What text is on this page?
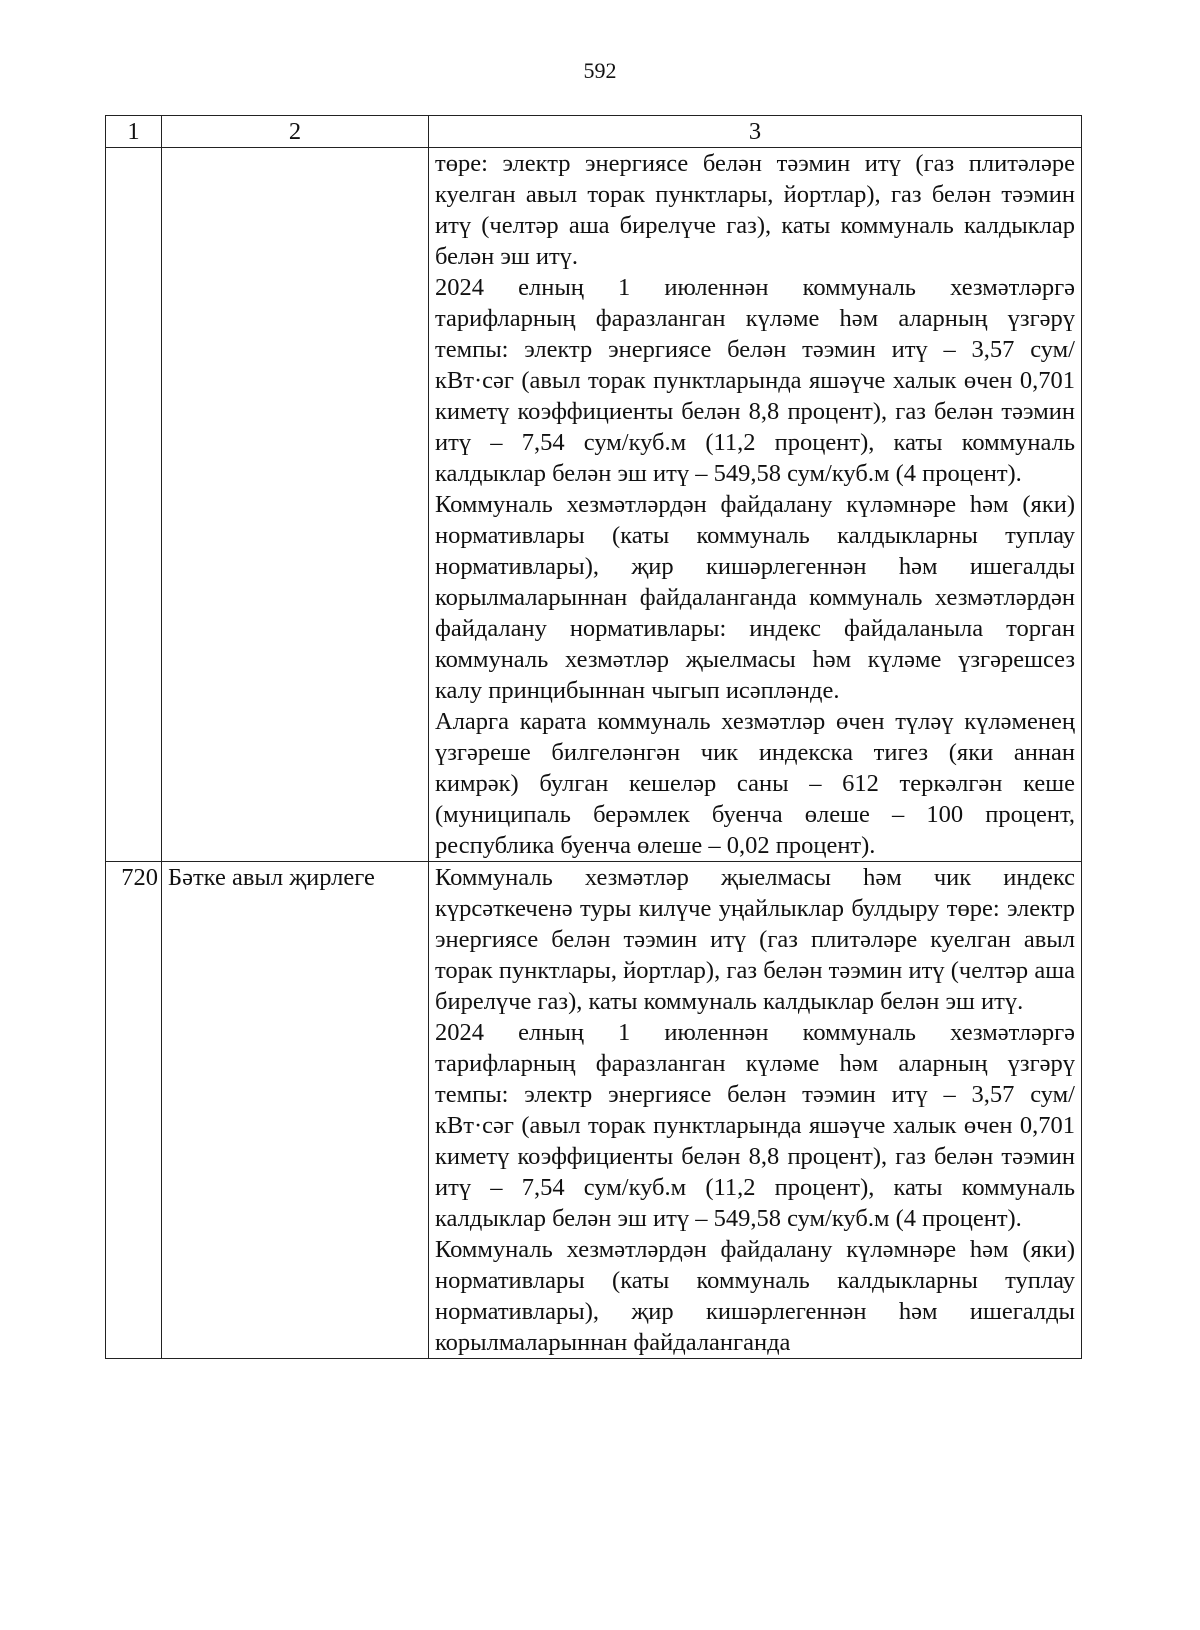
592
1	2	3

		төре: электр энергиясе белән тәэмин итү (газ плитәләре куелган авыл торак пунктлары, йортлар), газ белән тәэмин итү (челтәр аша бирелүче газ), каты коммуналь калдыклар белән эш итү.

2024 елның 1 июленнән коммуналь хезмәтләргә тарифларның фаразланган күләме һәм аларның үзгәрү темпы: электр энергиясе белән тәэмин итү – 3,57 сум/кВт·сәг (авыл торак пунктларында яшәүче халык өчен 0,701 киметү коэффициенты белән 8,8 процент), газ белән тәэмин итү – 7,54 сум/куб.м (11,2 процент), каты коммуналь калдыклар белән эш итү – 549,58 сум/куб.м (4 процент).

Коммуналь хезмәтләрдән файдалану күләмнәре һәм (яки) нормативлары (каты коммуналь калдыкларны туплау нормативлары), җир кишәрлегеннән һәм ишегалды корылмаларыннан файдаланганда коммуналь хезмәтләрдән файдалану нормативлары: индекс файдаланыла торган коммуналь хезмәтләр җыелмасы һәм күләме үзгәрешсез калу принцибыннан чыгып исәпләнде.

Аларга карата коммуналь хезмәтләр өчен түләү күләменең үзгәреше билгеләнгән чик индекска тигез (яки аннан кимрәк) булган кешеләр саны – 612 теркәлгән кеше (муниципаль берәмлек буенча өлеше – 100 процент, республика буенча өлеше – 0,02 процент).

720	Бәтке авыл җирлеге	Коммуналь хезмәтләр җыелмасы һәм чик индекс күрсәткеченә туры килүче уңайлыклар булдыру төре: электр энергиясе белән тәэмин итү (газ плитәләре куелган авыл торак пунктлары, йортлар), газ белән тәэмин итү (челтәр аша бирелүче газ), каты коммуналь калдыклар белән эш итү.

2024 елның 1 июленнән коммуналь хезмәтләргә тарифларның фаразланган күләме һәм аларның үзгәрү темпы: электр энергиясе белән тәэмин итү – 3,57 сум/кВт·сәг (авыл торак пунктларында яшәүче халык өчен 0,701 киметү коэффициенты белән 8,8 процент), газ белән тәэмин итү – 7,54 сум/куб.м (11,2 процент), каты коммуналь калдыклар белән эш итү – 549,58 сум/куб.м (4 процент).

Коммуналь хезмәтләрдән файдалану күләмнәре һәм (яки) нормативлары (каты коммуналь калдыкларны туплау нормативлары), җир кишәрлегеннән һәм ишегалды корылмаларыннан файдаланганда
